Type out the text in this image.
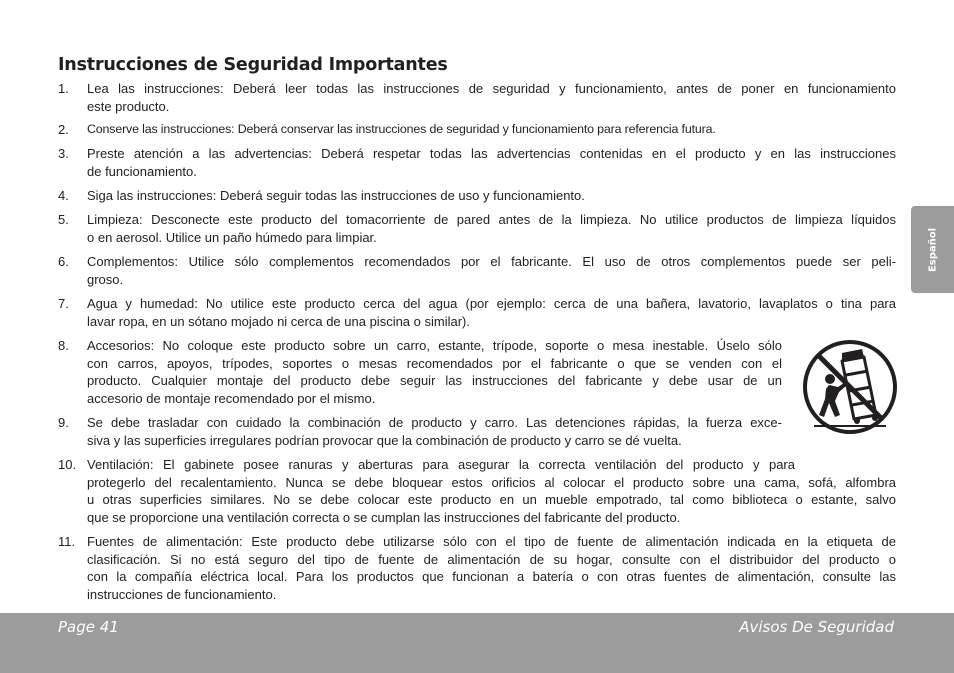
Instrucciones de Seguridad Importantes
Español
1.	Lea las instrucciones: Deberá leer todas las instrucciones de seguridad y funcionamiento, antes de poner en funcionamiento
este producto.
2.	Conserve las instrucciones: Deberá conservar las instrucciones de seguridad y funcionamiento para referencia futura.
3.	Preste atención a las advertencias: Deberá respetar todas las advertencias contenidas en el producto y en las instrucciones
de funcionamiento.
4.	Siga las instrucciones: Deberá seguir todas las instrucciones de uso y funcionamiento.
5.	Limpieza: Desconecte este producto del tomacorriente de pared antes de la limpieza. No utilice productos de limpieza líquidos
o en aerosol. Utilice un paño húmedo para limpiar.
6.	Complementos: Utilice sólo complementos recomendados por el fabricante. El uso de otros complementos puede ser peli-
groso.
7.	Agua y humedad: No utilice este producto cerca del agua (por ejemplo: cerca de una bañera, lavatorio, lavaplatos o tina para
lavar ropa, en un sótano mojado ni cerca de una piscina o similar).
8.	Accesorios: No coloque este producto sobre un carro, estante, trípode, soporte o mesa inestable. Úselo sólo
con carros, apoyos, trípodes, soportes o mesas recomendados por el fabricante o que se venden con el
producto. Cualquier montaje del producto debe seguir las instrucciones del fabricante y debe usar de un
accesorio de montaje recomendado por el mismo.
9.	Se debe trasladar con cuidado la combinación de producto y carro. Las detenciones rápidas, la fuerza exce-
siva y las superficies irregulares podrían provocar que la combinación de producto y carro se dé vuelta.
10. Ventilación: El gabinete posee ranuras y aberturas para asegurar la correcta ventilación del producto y para
protegerlo del recalentamiento. Nunca se debe bloquear estos orificios al colocar el producto sobre una cama, sofá, alfombra
u otras superficies similares. No se debe colocar este producto en un mueble empotrado, tal como biblioteca o estante, salvo
que se proporcione una ventilación correcta o se cumplan las instrucciones del fabricante del producto.
11. Fuentes de alimentación: Este producto debe utilizarse sólo con el tipo de fuente de alimentación indicada en la etiqueta de
clasificación. Si no está seguro del tipo de fuente de alimentación de su hogar, consulte con el distribuidor del producto o
con la compañía eléctrica local. Para los productos que funcionan a batería o con otras fuentes de alimentación, consulte las
instrucciones de funcionamiento.
Page 41	Avisos De Seguridad
